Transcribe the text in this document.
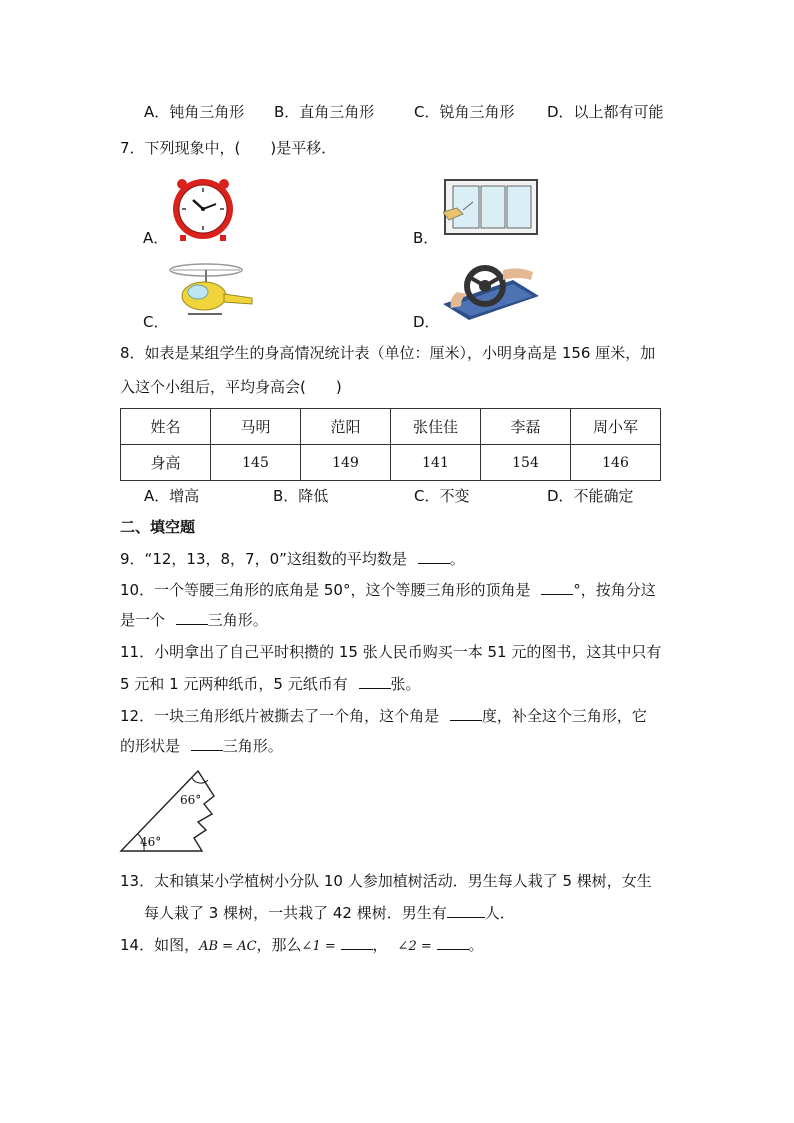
A．钝角三角形 B．直角三角形	C．锐角三角形 D．以上都有可能
7．下列现象中，(　　)是平移．
A．	B．
C．	D．
8．如表是某组学生的身高情况统计表（单位：厘米），小明身高是 156 厘米，加
入这个小组后，平均身高会(　　)
姓名	马明	范阳	张佳佳	李磊	周小军
身高	145	149	141	154	146
A．增高	B．降低	C．不变	D．不能确定
二、填空题
9．“12，13，8，7，0”这组数的平均数是	。
10．一个等腰三角形的底角是 50°，这个等腰三角形的顶角是	°，按角分这
是一个	三角形。
11．小明拿出了自己平时积攒的 15 张人民币购买一本 51 元的图书，这其中只有
5 元和 1 元两种纸币，5 元纸币有	张。
12．一块三角形纸片被撕去了一个角，这个角是	度，补全这个三角形，它
的形状是	三角形。
66°
46°
13．太和镇某小学植树小分队 10 人参加植树活动．男生每人栽了 5 棵树，女生
每人栽了 3 棵树，一共栽了 42 棵树．男生有	人．
14．如图，AB = AC，那么∠1 = ， ∠2 = 。
